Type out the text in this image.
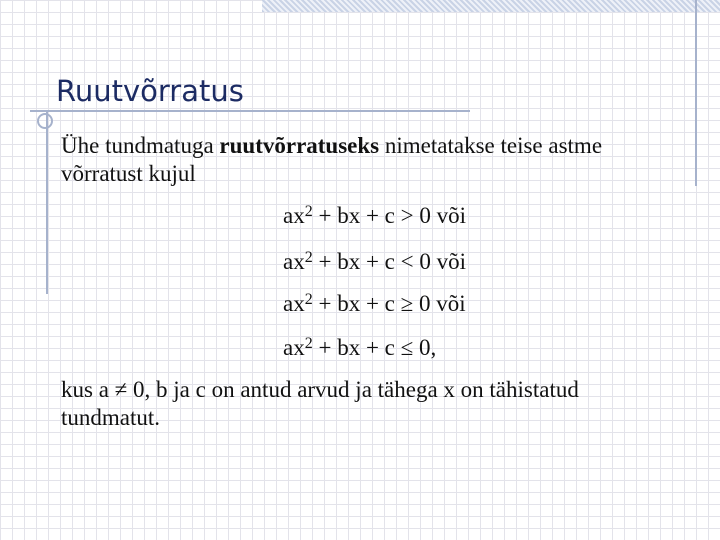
Ruutvõrratus
Ühe tundmatuga ruutvõrratuseks nimetatakse teise astme võrratust kujul
$ax^2$ + bx + c > 0 või
$ax^2$ + bx + c < 0 või
$ax^2$ + bx + c ≥ 0 või
$ax^2$ + bx + c ≤ 0,
kus a ≠ 0, b ja c on antud arvud ja tähega x on tähistatud tundmatut.
